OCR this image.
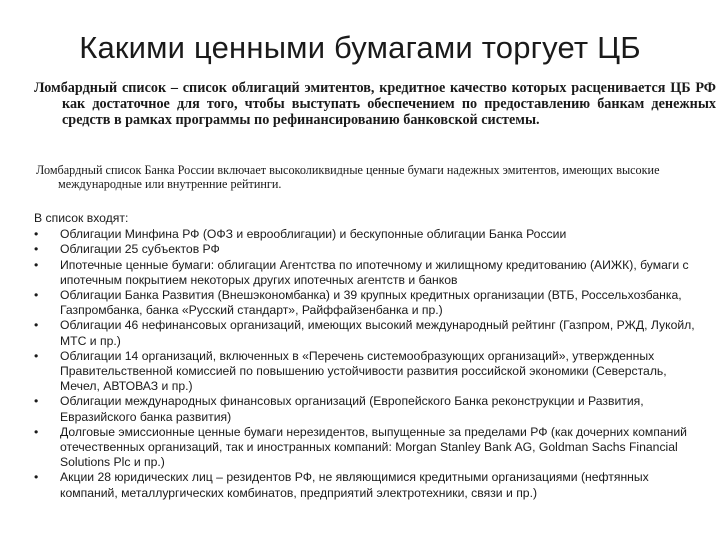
Какими ценными бумагами торгует ЦБ
Ломбардный список – список облигаций эмитентов, кредитное качество которых расценивается ЦБ РФ как достаточное для того, чтобы выступать обеспечением по предоставлению банкам денежных средств в рамках программы по рефинансированию банковской системы.
Ломбардный список Банка России включает высоколиквидные ценные бумаги надежных эмитентов, имеющих высокие международные или внутренние рейтинги.
В список входят:
• Облигации Минфина РФ (ОФЗ и еврооблигации) и бескупонные облигации Банка России
• Облигации 25 субъектов РФ
• Ипотечные ценные бумаги: облигации Агентства по ипотечному и жилищному кредитованию (АИЖК), бумаги с ипотечным покрытием некоторых других ипотечных агентств и банков
• Облигации Банка Развития (Внешэкономбанка) и 39 крупных кредитных организации (ВТБ, Россельхозбанка, Газпромбанка, банка «Русский стандарт», Райффайзенбанка и пр.)
• Облигации 46 нефинансовых организаций, имеющих высокий международный рейтинг (Газпром, РЖД, Лукойл, МТС и пр.)
• Облигации 14 организаций, включенных в «Перечень системообразующих организаций», утвержденных Правительственной комиссией по повышению устойчивости развития российской экономики (Северсталь, Мечел, АВТОВАЗ и пр.)
• Облигации международных финансовых организаций (Европейского Банка реконструкции и Развития, Евразийского банка развития)
• Долговые эмиссионные ценные бумаги нерезидентов, выпущенные за пределами РФ (как дочерних компаний отечественных организаций, так и иностранных компаний: Morgan Stanley Bank AG, Goldman Sachs Financial Solutions Plc и пр.)
• Акции 28 юридических лиц – резидентов РФ, не являющимися кредитными организациями (нефтянных компаний, металлургических комбинатов, предприятий электротехники, связи и пр.)
